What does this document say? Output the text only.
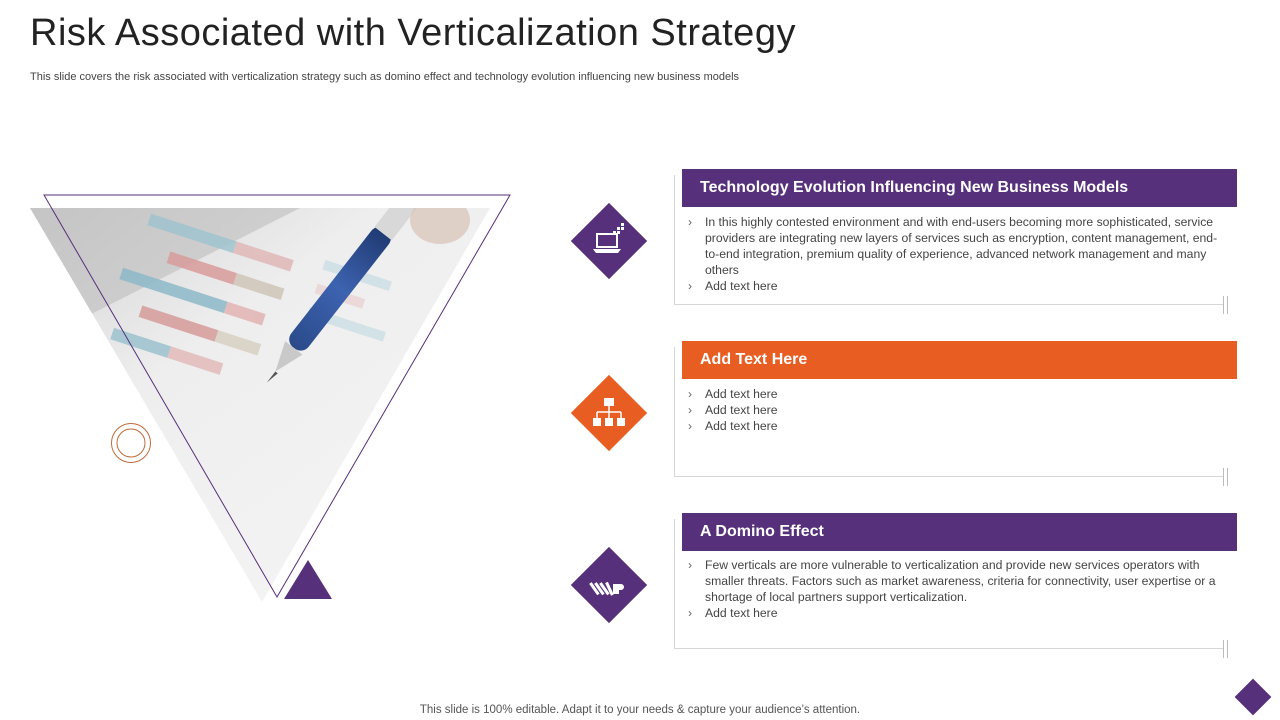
Risk Associated with Verticalization Strategy

This slide covers the risk associated with verticalization strategy such as domino effect and technology evolution influencing new business models

Technology Evolution Influencing New Business Models
› In this highly contested environment and with end-users becoming more sophisticated, service providers are integrating new layers of services such as encryption, content management, end-to-end integration, premium quality of experience, advanced network management and many others
› Add text here
Add Text Here
› Add text here
› Add text here
› Add text here
A Domino Effect
› Few verticals are more vulnerable to verticalization and provide new services operators with smaller threats. Factors such as market awareness, criteria for connectivity, user expertise or a shortage of local partners support verticalization.
› Add text here

This slide is 100% editable. Adapt it to your needs & capture your audience’s attention.
